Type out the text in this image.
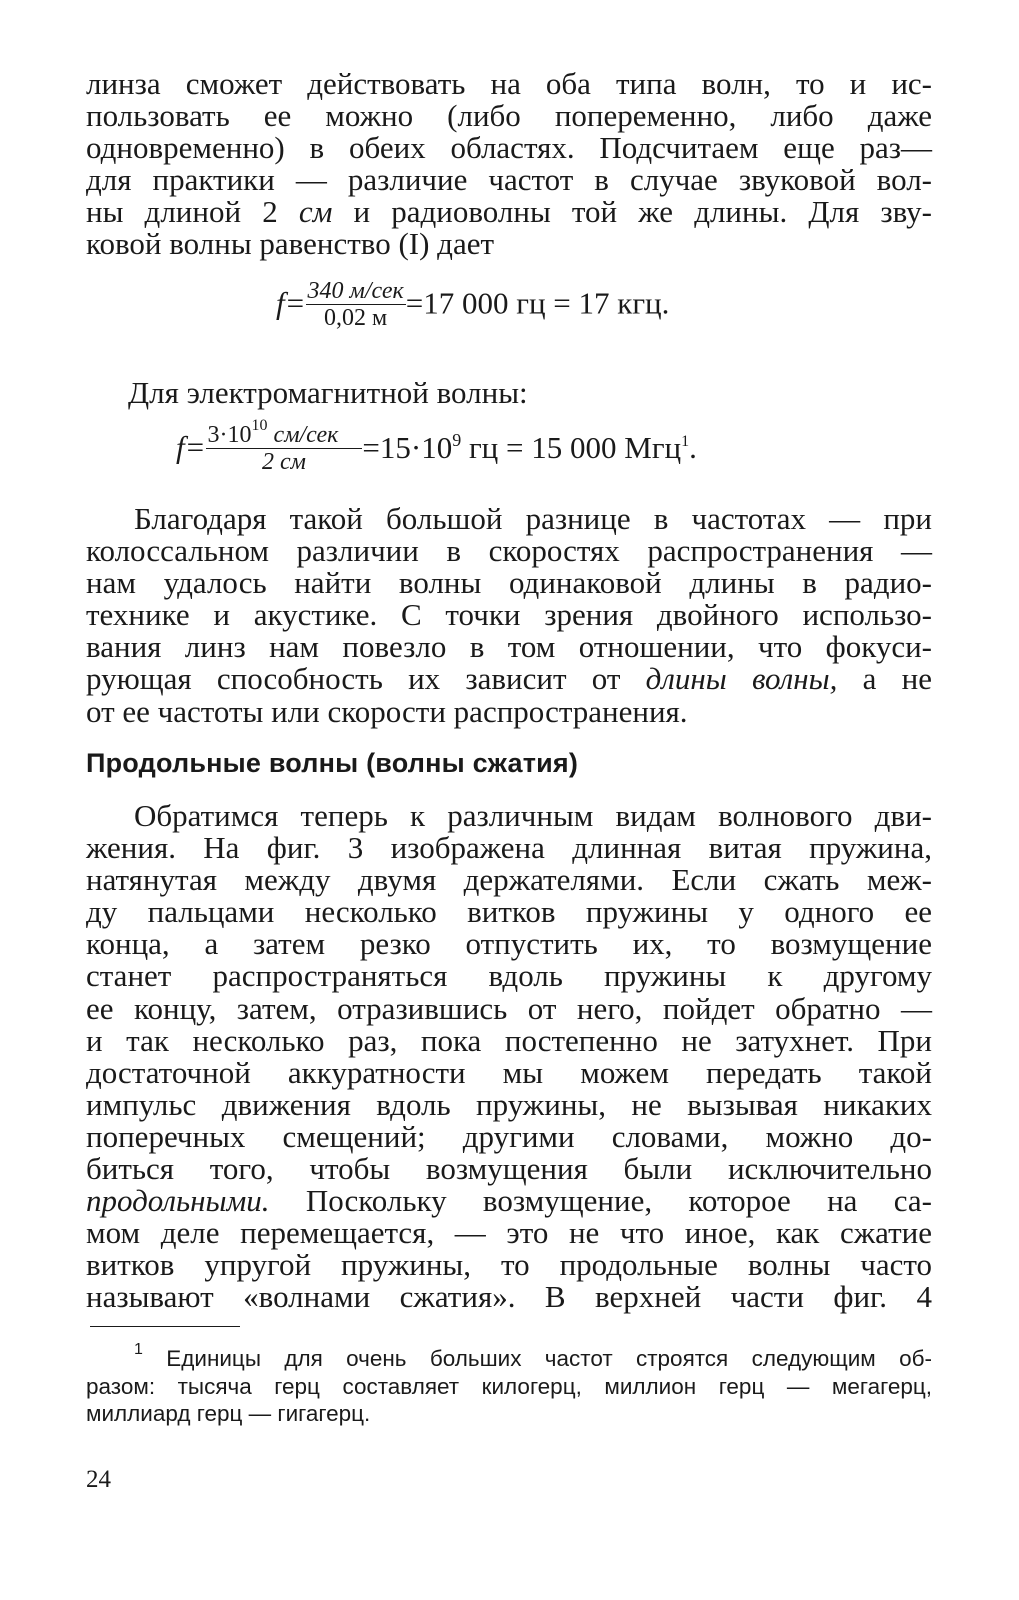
линза сможет действовать на оба типа волн, то и ис-
пользовать ее можно (либо попеременно, либо даже
одновременно) в обеих областях. Подсчитаем еще раз—
для практики — различие частот в случае звуковой вол-
ны длиной 2 см и радиоволны той же длины. Для зву-
ковой волны равенство (I) дает
$f= \frac{\text{340 м/сек}}{0,02 м} =17$ 000 гц = 17 кгц.
Для электромагнитной волны:
$f= \frac{3\cdot 10^{10} см/сек}{2 см} =15\cdot 10^9$ гц = 15 000 Мгц$^1$.
Благодаря такой большой разнице в частотах — при
колоссальном различии в скоростях распространения —
нам удалось найти волны одинаковой длины в радио-
технике и акустике. С точки зрения двойного использо-
вания линз нам повезло в том отношении, что фокуси-
рующая способность их зависит от длины волны, а не
от ее частоты или скорости распространения.
Продольные волны (волны сжатия)
Обратимся теперь к различным видам волнового дви-
жения. На фиг. 3 изображена длинная витая пружина,
натянутая между двумя держателями. Если сжать меж-
ду пальцами несколько витков пружины у одного ее
конца, а затем резко отпустить их, то возмущение
станет распространяться вдоль пружины к другому
ее концу, затем, отразившись от него, пойдет обратно —
и так несколько раз, пока постепенно не затухнет. При
достаточной аккуратности мы можем передать такой
импульс движения вдоль пружины, не вызывая никаких
поперечных смещений; другими словами, можно до-
биться того, чтобы возмущения были исключительно
продольными. Поскольку возмущение, которое на са-
мом деле перемещается, — это не что иное, как сжатие
витков упругой пружины, то продольные волны часто
называют «волнами сжатия». В верхней части фиг. 4
$^1$ Единицы для очень больших частот строятся следующим об-
разом: тысяча герц составляет килогерц, миллион герц — мегагерц,
миллиард герц — гигагерц.
24
